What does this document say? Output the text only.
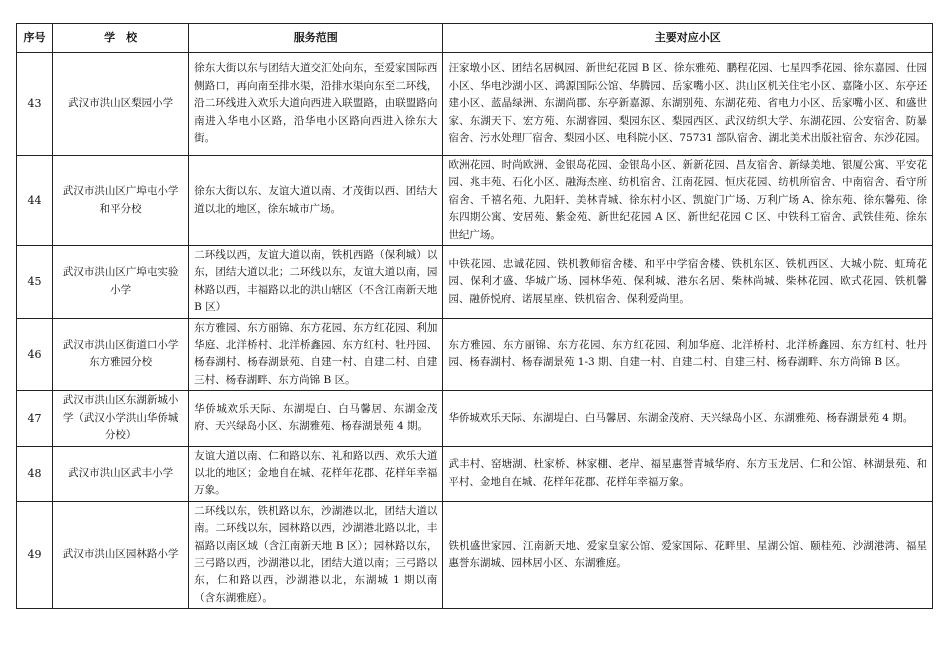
序号	学　校	服务范围	主要对应小区
43	武汉市洪山区梨园小学	徐东大街以东与团结大道交汇处向东，至爱家国际西侧路口，再向南至排水渠，沿排水渠向东至二环线，沿二环线进入欢乐大道向西进入联盟路，由联盟路向南进入华电小区路，沿华电小区路向西进入徐东大街。	汪家墩小区、团结名居枫园、新世纪花园 B 区、徐东雅苑、鹏程花园、七星四季花园、徐东嘉园、仕园小区、华电沙湖小区、鸿源国际公馆、华腾园、岳家嘴小区、洪山区机关住宅小区、嘉隆小区、东亭还建小区、蓝晶绿洲、东湖尚郡、东亭新嘉源、东湖别苑、东湖花苑、省电力小区、岳家嘴小区、和盛世家、东湖天下、宏方苑、东湖睿园、梨园东区、梨园西区、武汉纺织大学、东湖花园、公安宿舍、防暴宿舍、污水处理厂宿舍、梨园小区、电科院小区、75731 部队宿舍、湖北美术出版社宿舍、东沙花园。
44	武汉市洪山区广埠屯小学和平分校	徐东大街以东、友谊大道以南、才茂街以西、团结大道以北的地区，徐东城市广场。	欧洲花园、时尚欧洲、金银岛花园、金银岛小区、新新花园、昌友宿舍、新绿美地、银厦公寓、平安花园、兆丰苑、石化小区、融海杰座、纺机宿舍、江南花园、恒庆花园、纺机所宿舍、中南宿舍、看守所宿舍、千禧名苑、九阳轩、美林青城、徐东村小区、凯旋门广场、万利广场 A、徐东苑、徐东馨苑、徐东四期公寓、安居苑、紫金苑、新世纪花园 A 区、新世纪花园 C 区、中铁科工宿舍、武铁佳苑、徐东世纪广场。
45	武汉市洪山区广埠屯实验小学	二环线以西，友谊大道以南，铁机西路（保利城）以东，团结大道以北；二环线以东，友谊大道以南，园林路以西，丰福路以北的洪山辖区（不含江南新天地 B 区）	中铁花园、忠诚花园、铁机教师宿舍楼、和平中学宿舍楼、铁机东区、铁机西区、大城小院、虹琦花园、保利才盛、华城广场、园林华苑、保利城、港东名居、柴林尚城、柴林花园、欧式花园、铁机馨园、融侨悦府、诺展星座、铁机宿舍、保利爱尚里。
46	武汉市洪山区街道口小学东方雅园分校	东方雅园、东方丽锦、东方花园、东方红花园、利加华庭、北洋桥村、北洋桥鑫园、东方红村、牡丹园、杨春湖村、杨春湖景苑、自建一村、自建二村、自建三村、杨春湖畔、东方尚锦 B 区。	东方雅园、东方丽锦、东方花园、东方红花园、利加华庭、北洋桥村、北洋桥鑫园、东方红村、牡丹园、杨春湖村、杨春湖景苑 1-3 期、自建一村、自建二村、自建三村、杨春湖畔、东方尚锦 B 区。
47	武汉市洪山区东湖新城小学（武汉小学洪山华侨城分校）	华侨城欢乐天际、东湖堤白、白马馨居、东湖金茂府、天兴绿岛小区、东湖雅苑、杨春湖景苑 4 期。	华侨城欢乐天际、东湖堤白、白马馨居、东湖金茂府、天兴绿岛小区、东湖雅苑、杨春湖景苑 4 期。
48	武汉市洪山区武丰小学	友谊大道以南、仁和路以东、礼和路以西、欢乐大道以北的地区；金地自在城、花样年花郡、花样年幸福万象。	武丰村、窑塘湖、杜家桥、林家棚、老岸、福星惠誉青城华府、东方玉龙居、仁和公馆、林湖景苑、和平村、金地自在城、花样年花郡、花样年幸福万象。
49	武汉市洪山区园林路小学	二环线以东，铁机路以东，沙湖港以北，团结大道以南。二环线以东，园林路以西，沙湖港北路以北，丰福路以南区域（含江南新天地 B 区）；园林路以东，三弓路以西，沙湖港以北，团结大道以南；三弓路以东，仁和路以西，沙湖港以北，东湖城 1 期以南（含东湖雅庭）。	铁机盛世家园、江南新天地、爱家皇家公馆、爱家国际、花畔里、星湖公馆、颐桂苑、沙湖港湾、福星惠誉东湖城、园林居小区、东湖雅庭。
